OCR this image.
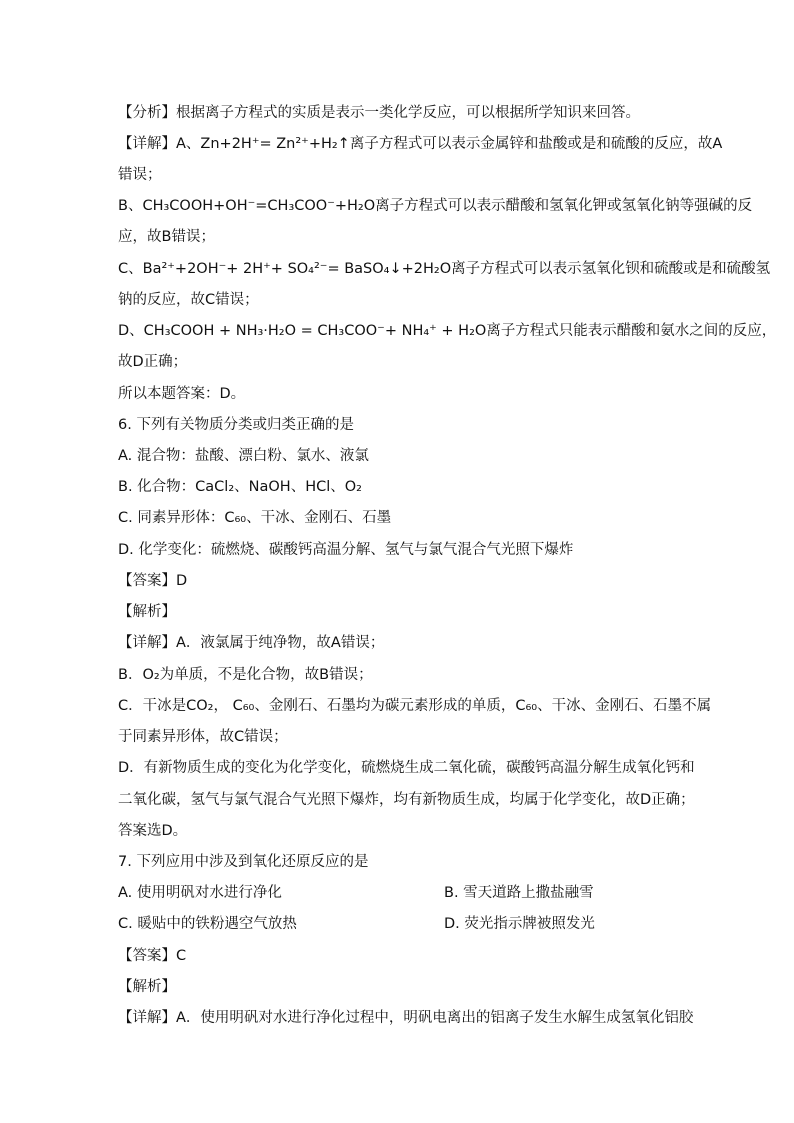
【分析】根据离子方程式的实质是表示一类化学反应，可以根据所学知识来回答。
【详解】A、Zn+2H⁺= Zn²⁺+H₂↑离子方程式可以表示金属锌和盐酸或是和硫酸的反应，故A
错误；
B、CH₃COOH+OH⁻=CH₃COO⁻+H₂O离子方程式可以表示醋酸和氢氧化钾或氢氧化钠等强碱的反
应，故B错误；
C、Ba²⁺+2OH⁻+ 2H⁺+ SO₄²⁻= BaSO₄↓+2H₂O离子方程式可以表示氢氧化钡和硫酸或是和硫酸氢
钠的反应，故C错误；
D、CH₃COOH + NH₃·H₂O = CH₃COO⁻+ NH₄⁺ + H₂O离子方程式只能表示醋酸和氨水之间的反应，
故D正确；
所以本题答案：D。
6. 下列有关物质分类或归类正确的是
A. 混合物：盐酸、漂白粉、氯水、液氯
B. 化合物：CaCl₂、NaOH、HCl、O₂
C. 同素异形体：C₆₀、干冰、金刚石、石墨
D. 化学变化：硫燃烧、碳酸钙高温分解、氢气与氯气混合气光照下爆炸
【答案】D
【解析】
【详解】A．液氯属于纯净物，故A错误；
B．O₂为单质，不是化合物，故B错误；
C．干冰是CO₂， C₆₀、金刚石、石墨均为碳元素形成的单质，C₆₀、干冰、金刚石、石墨不属
于同素异形体，故C错误；
D．有新物质生成的变化为化学变化，硫燃烧生成二氧化硫，碳酸钙高温分解生成氧化钙和
二氧化碳，氢气与氯气混合气光照下爆炸，均有新物质生成，均属于化学变化，故D正确；
答案选D。
7. 下列应用中涉及到氧化还原反应的是
A. 使用明矾对水进行净化	B. 雪天道路上撒盐融雪
C. 暖贴中的铁粉遇空气放热	D. 荧光指示牌被照发光
【答案】C
【解析】
【详解】A．使用明矾对水进行净化过程中，明矾电离出的铝离子发生水解生成氢氧化铝胶
